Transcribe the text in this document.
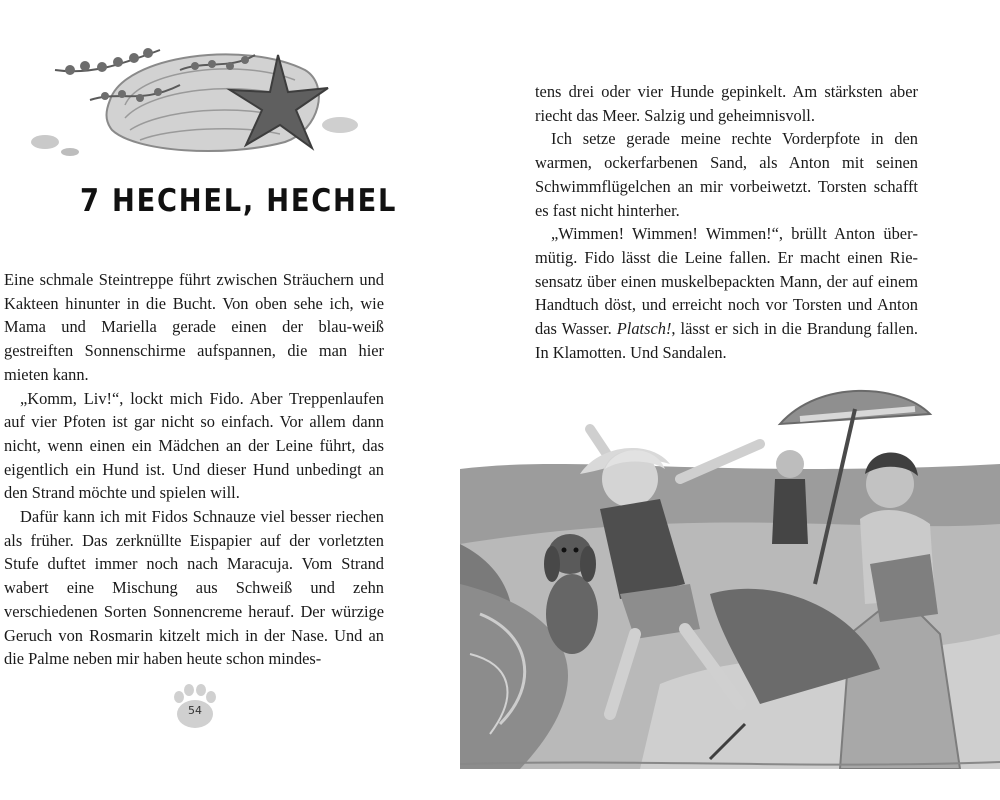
7 HECHEL, HECHEL

Eine schmale Steintreppe führt zwischen Sträuchern und Kakteen hinunter in die Bucht. Von oben sehe ich, wie Mama und Mariella gerade einen der blau-weiß gestreiften Sonnenschirme aufspannen, die man hier mieten kann.

„Komm, Liv!“, lockt mich Fido. Aber Treppenlaufen auf vier Pfoten ist gar nicht so einfach. Vor allem dann nicht, wenn einen ein Mädchen an der Leine führt, das eigentlich ein Hund ist. Und dieser Hund unbedingt an den Strand möchte und spielen will.

Dafür kann ich mit Fidos Schnauze viel besser riechen als früher. Das zerknüllte Eispapier auf der vorletzten Stufe duftet immer noch nach Maracuja. Vom Strand wabert eine Mischung aus Schweiß und zehn verschiedenen Sorten Sonnencreme herauf. Der würzige Geruch von Rosmarin kitzelt mich in der Nase. Und an die Palme neben mir haben heute schon mindes-

54

tens drei oder vier Hunde gepinkelt. Am stärksten aber riecht das Meer. Salzig und geheimnisvoll.

Ich setze gerade meine rechte Vorderpfote in den warmen, ockerfarbenen Sand, als Anton mit seinen Schwimmflügelchen an mir vorbeiwetzt. Torsten schafft es fast nicht hinterher.

„Wimmen! Wimmen! Wimmen!“, brüllt Anton übermütig. Fido lässt die Leine fallen. Er macht einen Riesensatz über einen muskelbepackten Mann, der auf einem Handtuch döst, und erreicht noch vor Torsten und Anton das Wasser. Platsch!, lässt er sich in die Brandung fallen. In Klamotten. Und Sandalen.
